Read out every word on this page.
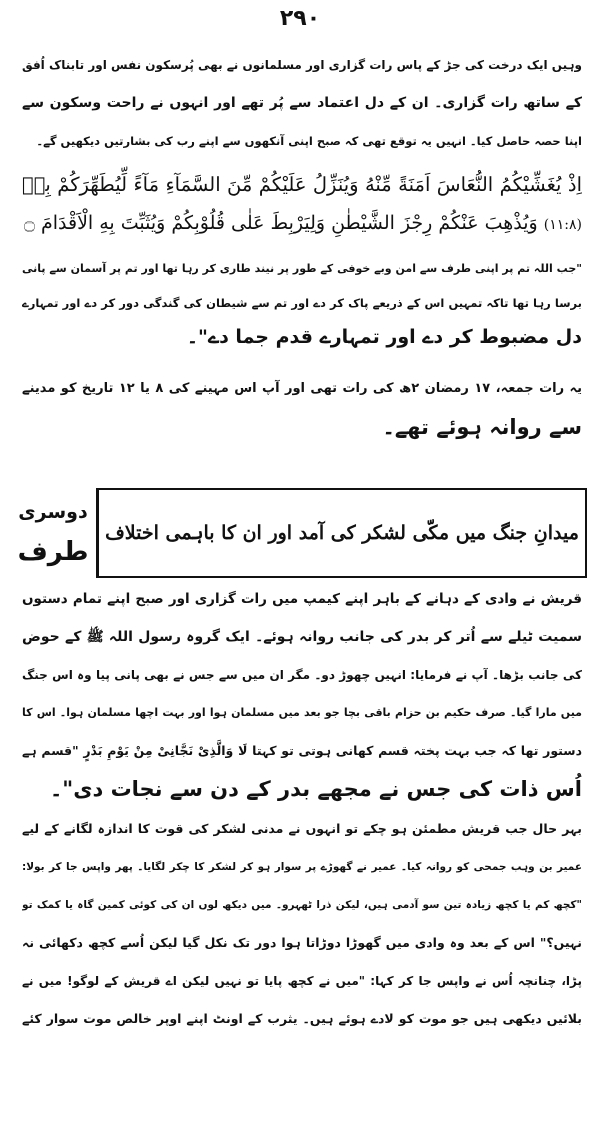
٢٩٠
وہیں ایک درخت کی جڑ کے پاس رات گزاری اور مسلمانوں نے بھی پُرسکون نفس اور تابناک اُفق
کے ساتھ رات گزاری۔ ان کے دل اعتماد سے پُر تھے اور انہوں نے راحت وسکون سے
اپنا حصہ حاصل کیا۔ انہیں یہ توقع تھی کہ صبح اپنی آنکھوں سے اپنے رب کی بشارتیں دیکھیں گے۔
اِذْ يُغَشِّيْكُمُ النُّعَاسَ اَمَنَةً مِّنْهُ وَيُنَزِّلُ عَلَيْكُمْ مِّنَ السَّمَآءِ مَآءً لِّيُطَهِّرَكُمْ بِهٖ
(١١:٨) وَيُذْهِبَ عَنْكُمْ رِجْزَ الشَّيْطٰنِ وَلِيَرْبِطَ عَلٰى قُلُوْبِكُمْ وَيُثَبِّتَ بِهِ الْاَقْدَامَ ۝
"جب اللہ تم پر اپنی طرف سے امن وبے خوفی کے طور پر نیند طاری کر رہا تھا اور تم پر آسمان سے پانی
برسا رہا تھا تاکہ تمہیں اس کے ذریعے پاک کر دے اور تم سے شیطان کی گندگی دور کر دے اور تمہارے
دل مضبوط کر دے اور تمہارے قدم جما دے"۔
یہ رات جمعہ، ١٧ رمضان ٢ھ کی رات تھی اور آپ اس مہینے کی ٨ یا ١٢ تاریخ کو مدینے
سے روانہ ہوئے تھے۔
میدانِ جنگ میں مکّی لشکر کی آمد اور ان کا باہمی اختلاف
دوسری
طرف
قریش نے وادی کے دہانے کے باہر اپنے کیمپ میں رات گزاری اور صبح اپنے تمام دستوں
سمیت ٹیلے سے اُتر کر بدر کی جانب روانہ ہوئے۔ ایک گروہ رسول اللہ ﷺ کے حوض
کی جانب بڑھا۔ آپ نے فرمایا: انہیں چھوڑ دو۔ مگر ان میں سے جس نے بھی پانی پیا وہ اس جنگ
میں مارا گیا۔ صرف حکیم بن حزام باقی بچا جو بعد میں مسلمان ہوا اور بہت اچھا مسلمان ہوا۔ اس کا
دستور تھا کہ جب بہت پختہ قسم کھانی ہوتی تو کہتا لَا وَالَّذِیْ نَجَّانِیْ مِنْ یَوْمِ بَدْرٍ "قسم ہے
اُس ذات کی جس نے مجھے بدر کے دن سے نجات دی"۔
بہر حال جب قریش مطمئن ہو چکے تو انہوں نے مدنی لشکر کی قوت کا اندازہ لگانے کے لیے
عمیر بن وہب جمحی کو روانہ کیا۔ عمیر نے گھوڑے پر سوار ہو کر لشکر کا چکر لگایا۔ پھر واپس جا کر بولا:
"کچھ کم یا کچھ زیادہ تین سو آدمی ہیں، لیکن ذرا ٹھہرو۔ میں دیکھ لوں ان کی کوئی کمین گاہ یا کمک تو
نہیں؟" اس کے بعد وہ وادی میں گھوڑا دوڑاتا ہوا دور تک نکل گیا لیکن اُسے کچھ دکھائی نہ
پڑا، چنانچہ اُس نے واپس جا کر کہا: "میں نے کچھ پایا تو نہیں لیکن اے قریش کے لوگو! میں نے
بلائیں دیکھی ہیں جو موت کو لادے ہوئے ہیں۔ یثرب کے اونٹ اپنے اوپر خالص موت سوار کئے
